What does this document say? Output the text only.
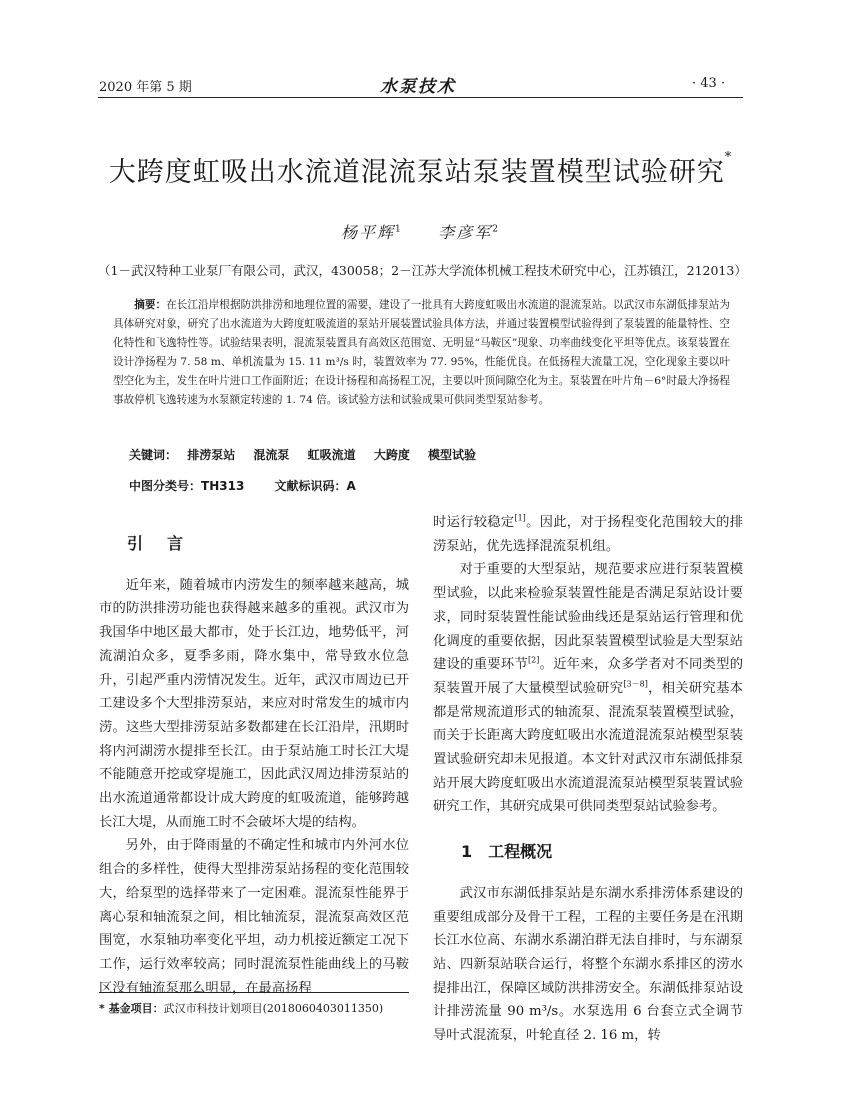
2020 年第 5 期	水泵技术	· 43 ·
大跨度虹吸出水流道混流泵站泵装置模型试验研究*
杨平辉$^1$ 李彦军$^2$
（1－武汉特种工业泵厂有限公司，武汉，430058；2－江苏大学流体机械工程技术研究中心，江苏镇江，212013）
摘要：在长江沿岸根据防洪排涝和地理位置的需要，建设了一批具有大跨度虹吸出水流道的混流泵站。以武汉市东湖低排泵站为具体研究对象，研究了出水流道为大跨度虹吸流道的泵站开展装置试验具体方法，并通过装置模型试验得到了泵装置的能量特性、空化特性和飞逸特性等。试验结果表明，混流泵装置具有高效区范围宽、无明显“马鞍区”现象、功率曲线变化平坦等优点。该泵装置在设计净扬程为 7. 58 m、单机流量为 15. 11 m³/s 时，装置效率为 77. 95%，性能优良。在低扬程大流量工况，空化现象主要以叶型空化为主，发生在叶片进口工作面附近；在设计扬程和高扬程工况，主要以叶顶间隙空化为主。泵装置在叶片角－6°时最大净扬程事故停机飞逸转速为水泵额定转速的 1. 74 倍。该试验方法和试验成果可供同类型泵站参考。
关键词： 排涝泵站 混流泵 虹吸流道 大跨度 模型试验
中图分类号：TH313	文献标识码：A
引　言

近年来，随着城市内涝发生的频率越来越高，城市的防洪排涝功能也获得越来越多的重视。武汉市为我国华中地区最大都市，处于长江边，地势低平，河流湖泊众多，夏季多雨，降水集中，常导致水位急升，引起严重内涝情况发生。近年，武汉市周边已开工建设多个大型排涝泵站，来应对时常发生的城市内涝。这些大型排涝泵站多数都建在长江沿岸，汛期时将内河湖涝水提排至长江。由于泵站施工时长江大堤不能随意开挖或穿堤施工，因此武汉周边排涝泵站的出水流道通常都设计成大跨度的虹吸流道，能够跨越长江大堤，从而施工时不会破坏大堤的结构。

另外，由于降雨量的不确定性和城市内外河水位组合的多样性，使得大型排涝泵站扬程的变化范围较大，给泵型的选择带来了一定困难。混流泵性能界于离心泵和轴流泵之间，相比轴流泵，混流泵高效区范围宽，水泵轴功率变化平坦，动力机接近额定工况下工作，运行效率较高；同时混流泵性能曲线上的马鞍区没有轴流泵那么明显，在最高扬程

时运行较稳定[1]。因此，对于扬程变化范围较大的排涝泵站，优先选择混流泵机组。

对于重要的大型泵站，规范要求应进行泵装置模型试验，以此来检验泵装置性能是否满足泵站设计要求，同时泵装置性能试验曲线还是泵站运行管理和优化调度的重要依据，因此泵装置模型试验是大型泵站建设的重要环节[2]。近年来，众多学者对不同类型的泵装置开展了大量模型试验研究[3－8]，相关研究基本都是常规流道形式的轴流泵、混流泵装置模型试验，而关于长距离大跨度虹吸出水流道混流泵站模型泵装置试验研究却未见报道。本文针对武汉市东湖低排泵站开展大跨度虹吸出水流道混流泵站模型泵装置试验研究工作，其研究成果可供同类型泵站试验参考。

1　工程概况

武汉市东湖低排泵站是东湖水系排涝体系建设的重要组成部分及骨干工程，工程的主要任务是在汛期长江水位高、东湖水系湖泊群无法自排时，与东湖泵站、四新泵站联合运行，将整个东湖水系排区的涝水提排出江，保障区域防洪排涝安全。东湖低排泵站设计排涝流量 90 m³/s。水泵选用 6 台套立式全调节导叶式混流泵，叶轮直径 2. 16 m，转

* 基金项目：武汉市科技计划项目(2018060403011350)
